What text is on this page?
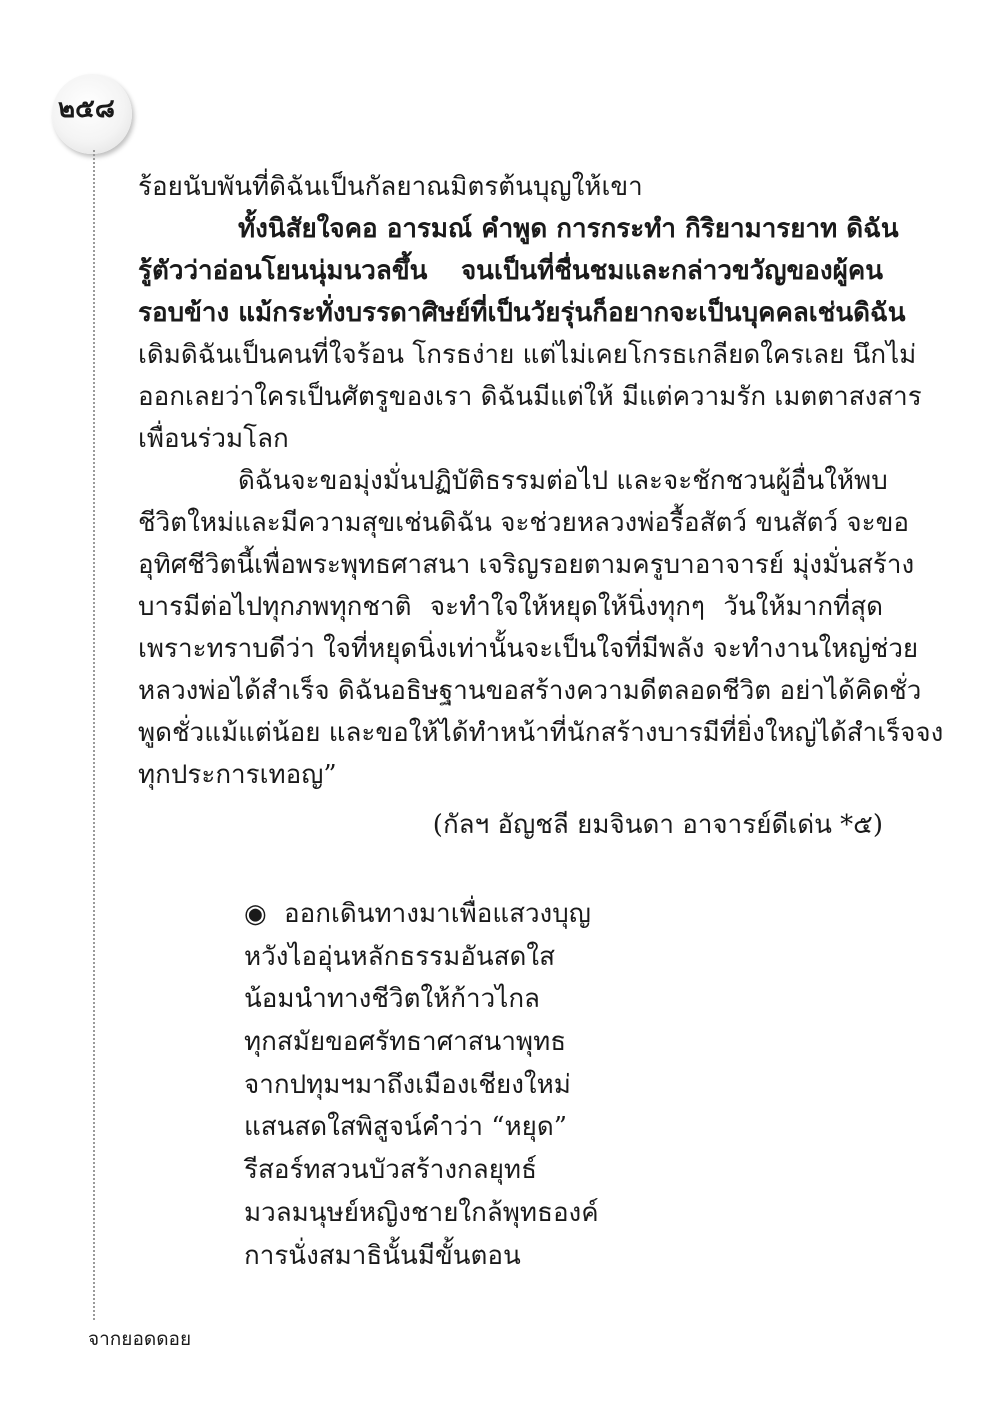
๒๕๘
ร้อยนับพันที่ดิฉันเป็นกัลยาณมิตรต้นบุญให้เขา
ทั้งนิสัยใจคอ อารมณ์ คำพูด การกระทำ กิริยามารยาท ดิฉัน
รู้ตัวว่าอ่อนโยนนุ่มนวลขึ้น จนเป็นที่ชื่นชมและกล่าวขวัญของผู้คน
รอบข้าง แม้กระทั่งบรรดาศิษย์ที่เป็นวัยรุ่นก็อยากจะเป็นบุคคลเช่นดิฉัน
เดิมดิฉันเป็นคนที่ใจร้อน โกรธง่าย แต่ไม่เคยโกรธเกลียดใครเลย นึกไม่
ออกเลยว่าใครเป็นศัตรูของเรา ดิฉันมีแต่ให้ มีแต่ความรัก เมตตาสงสาร
เพื่อนร่วมโลก
ดิฉันจะขอมุ่งมั่นปฏิบัติธรรมต่อไป และจะชักชวนผู้อื่นให้พบ
ชีวิตใหม่และมีความสุขเช่นดิฉัน จะช่วยหลวงพ่อรื้อสัตว์ ขนสัตว์ จะขอ
อุทิศชีวิตนี้เพื่อพระพุทธศาสนา เจริญรอยตามครูบาอาจารย์ มุ่งมั่นสร้าง
บารมีต่อไปทุกภพทุกชาติ จะทำใจให้หยุดให้นิ่งทุกๆ วันให้มากที่สุด
เพราะทราบดีว่า ใจที่หยุดนิ่งเท่านั้นจะเป็นใจที่มีพลัง จะทำงานใหญ่ช่วย
หลวงพ่อได้สำเร็จ ดิฉันอธิษฐานขอสร้างความดีตลอดชีวิต อย่าได้คิดชั่ว
พูดชั่วแม้แต่น้อย และขอให้ได้ทำหน้าที่นักสร้างบารมีที่ยิ่งใหญ่ได้สำเร็จจง
ทุกประการเทอญ”
(กัลฯ อัญชลี ยมจินดา อาจารย์ดีเด่น *๕)
◉ ออกเดินทางมาเพื่อแสวงบุญ
หวังไออุ่นหลักธรรมอันสดใส
น้อมนำทางชีวิตให้ก้าวไกล
ทุกสมัยขอศรัทธาศาสนาพุทธ
จากปทุมฯมาถึงเมืองเชียงใหม่
แสนสดใสพิสูจน์คำว่า “หยุด”
รีสอร์ทสวนบัวสร้างกลยุทธ์
มวลมนุษย์หญิงชายใกล้พุทธองค์
การนั่งสมาธินั้นมีขั้นตอน
จากยอดดอย
